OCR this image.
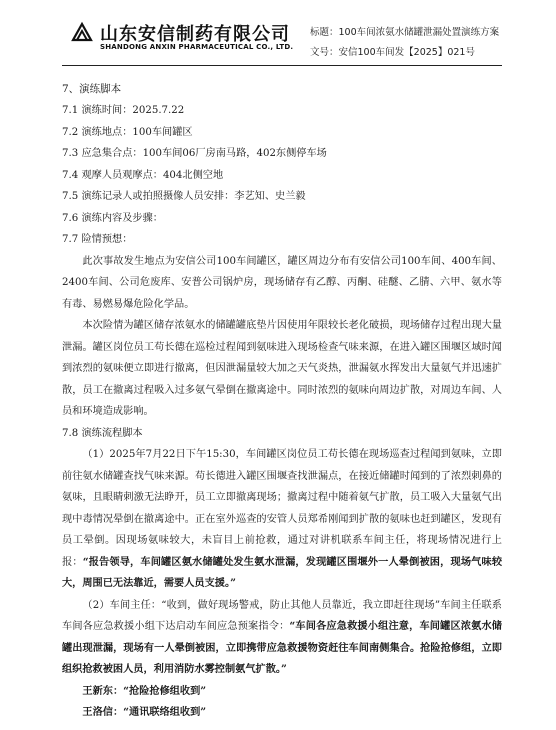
山东安信制药有限公司
SHANDONG ANXIN PHARMACEUTICAL CO., LTD.
标题：100车间浓氨水储罐泄漏处置演练方案
文号：安信100车间发【2025】021号

7、演练脚本

7.1 演练时间：2025.7.22

7.2 演练地点：100车间罐区

7.3 应急集合点：100车间06厂房南马路，402东侧停车场

7.4 观摩人员观摩点：404北侧空地

7.5 演练记录人或拍照摄像人员安排：李艺知、史兰毅

7.6 演练内容及步骤：

7.7 险情预想：

此次事故发生地点为安信公司100车间罐区，罐区周边分布有安信公司100车间、400车间、2400车间、公司危废库、安普公司锅炉房，现场储存有乙醇、丙酮、硅醚、乙腈、六甲、氨水等有毒、易燃易爆危险化学品。

本次险情为罐区储存浓氨水的储罐罐底垫片因使用年限较长老化破损，现场储存过程出现大量泄漏。罐区岗位员工苟长德在巡检过程闻到氨味进入现场检查气味来源，在进入罐区围堰区域时闻到浓烈的氨味便立即进行撤离，但因泄漏量较大加之天气炎热，泄漏氨水挥发出大量氨气并迅速扩散，员工在撤离过程吸入过多氨气晕倒在撤离途中。同时浓烈的氨味向周边扩散，对周边车间、人员和环境造成影响。

7.8 演练流程脚本

（1）2025年7月22日下午15:30，车间罐区岗位员工苟长德在现场巡查过程闻到氨味，立即前往氨水储罐查找气味来源。苟长德进入罐区围堰查找泄漏点，在接近储罐时闻到的了浓烈刺鼻的氨味，且眼睛刺激无法睁开，员工立即撤离现场；撤离过程中随着氨气扩散，员工吸入大量氨气出现中毒情况晕倒在撤离途中。正在室外巡查的安管人员郑希刚闻到扩散的氨味也赶到罐区，发现有员工晕倒。因现场氨味较大，未盲目上前抢救，通过对讲机联系车间主任，将现场情况进行上报：“报告领导，车间罐区氨水储罐处发生氨水泄漏，发现罐区围堰外一人晕倒被困，现场气味较大，周围已无法靠近，需要人员支援。”

（2）车间主任：“收到，做好现场警戒，防止其他人员靠近，我立即赶往现场”车间主任联系车间各应急救援小组下达启动车间应急预案指令：“车间各应急救援小组注意，车间罐区浓氨水储罐出现泄漏，现场有一人晕倒被困，立即携带应急救援物资赶往车间南侧集合。抢险抢修组，立即组织抢救被困人员，利用消防水雾控制氨气扩散。”

王新东：“抢险抢修组收到”

王洛信：“通讯联络组收到”
